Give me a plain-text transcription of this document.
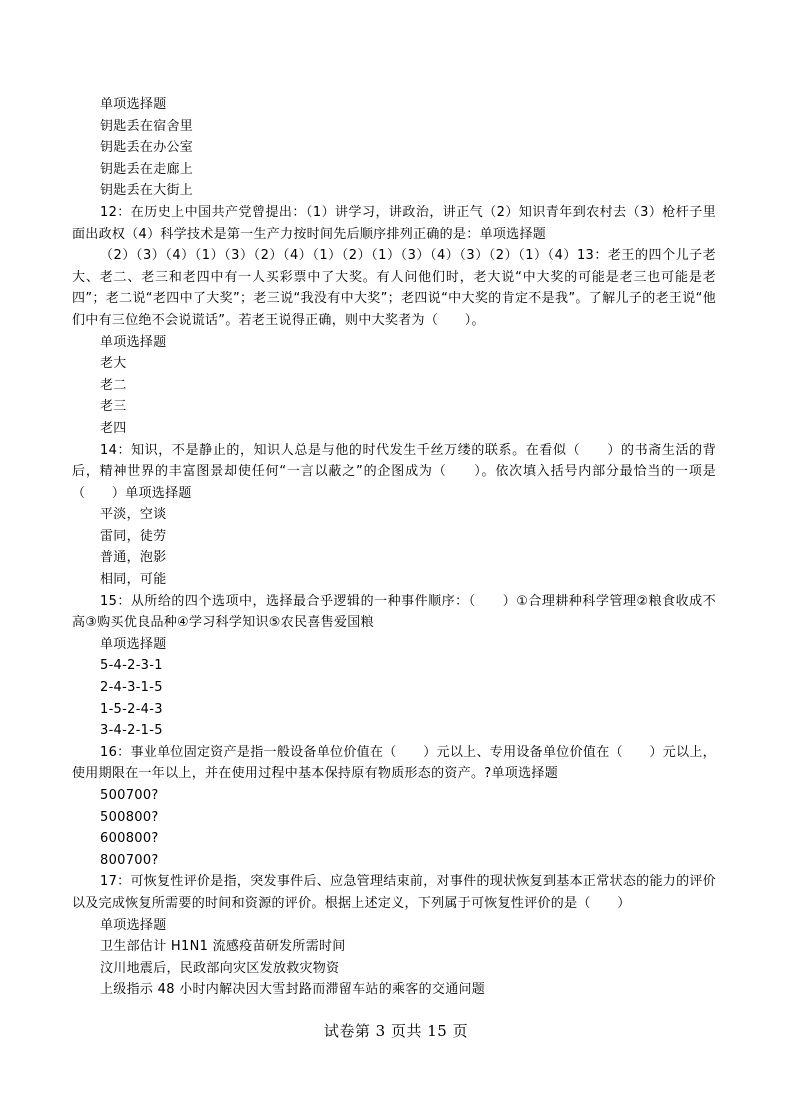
单项选择题
钥匙丢在宿舍里
钥匙丢在办公室
钥匙丢在走廊上
钥匙丢在大街上
12：在历史上中国共产党曾提出：（1）讲学习，讲政治，讲正气（2）知识青年到农村去（3）枪杆子里面出政权（4）科学技术是第一生产力按时间先后顺序排列正确的是：单项选择题
（2）（3）（4）（1）（3）（2）（4）（1）（2）（1）（3）（4）（3）（2）（1）（4）13：老王的四个儿子老大、老二、老三和老四中有一人买彩票中了大奖。有人问他们时，老大说“中大奖的可能是老三也可能是老四”；老二说“老四中了大奖”；老三说“我没有中大奖”；老四说“中大奖的肯定不是我”。了解儿子的老王说“他们中有三位绝不会说谎话”。若老王说得正确，则中大奖者为（　　）。
单项选择题
老大
老二
老三
老四
14：知识，不是静止的，知识人总是与他的时代发生千丝万缕的联系。在看似（　　）的书斋生活的背后，精神世界的丰富图景却使任何“一言以蔽之”的企图成为（　　）。依次填入括号内部分最恰当的一项是（　　）单项选择题
平淡，空谈
雷同，徒劳
普通，泡影
相同，可能
15：从所给的四个选项中，选择最合乎逻辑的一种事件顺序：（　　）①合理耕种科学管理②粮食收成不高③购买优良品种④学习科学知识⑤农民喜售爱国粮
单项选择题
5-4-2-3-1
2-4-3-1-5
1-5-2-4-3
3-4-2-1-5
16：事业单位固定资产是指一般设备单位价值在（　　）元以上、专用设备单位价值在（　　）元以上，使用期限在一年以上，并在使用过程中基本保持原有物质形态的资产。?单项选择题
500700?
500800?
600800?
800700?
17：可恢复性评价是指，突发事件后、应急管理结束前，对事件的现状恢复到基本正常状态的能力的评价以及完成恢复所需要的时间和资源的评价。根据上述定义，下列属于可恢复性评价的是（　　）
单项选择题
卫生部估计 H1N1 流感疫苗研发所需时间
汶川地震后，民政部向灾区发放救灾物资
上级指示 48 小时内解决因大雪封路而滞留车站的乘客的交通问题
试卷第 3 页共 15 页
